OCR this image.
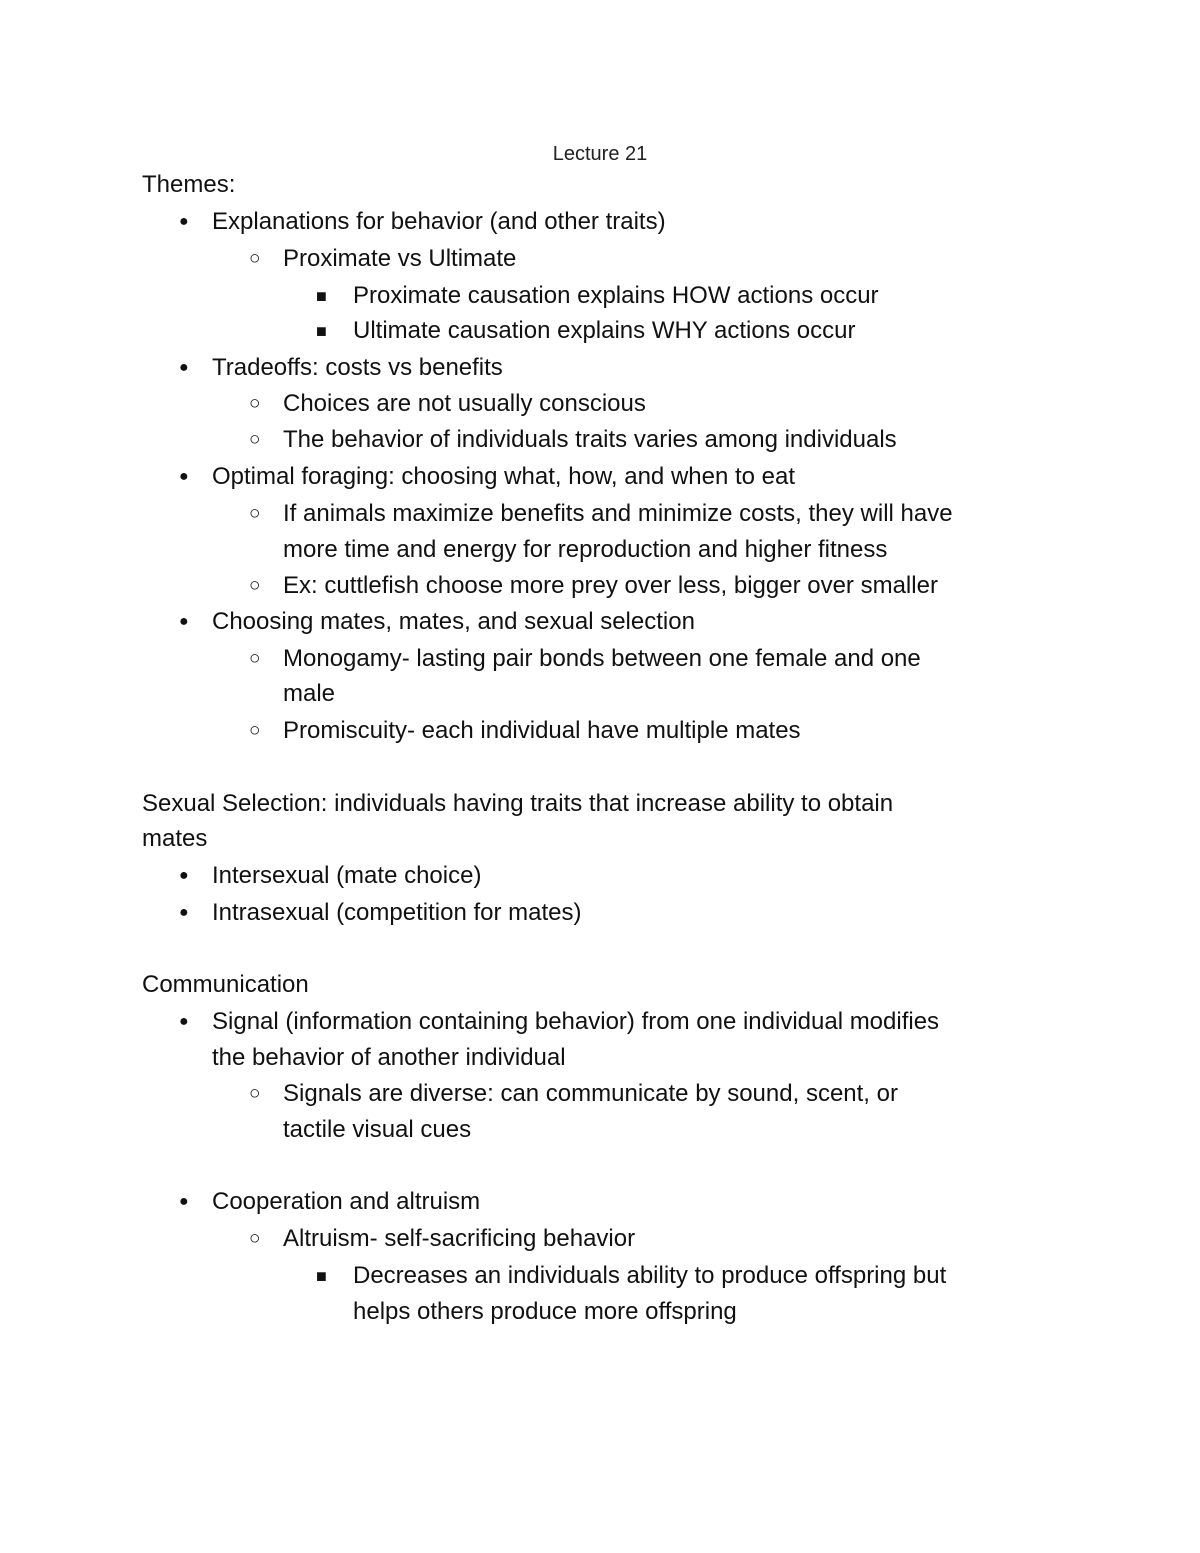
Lecture 21
Themes:
● Explanations for behavior (and other traits)
○ Proximate vs Ultimate
■ Proximate causation explains HOW actions occur
■ Ultimate causation explains WHY actions occur
● Tradeoffs: costs vs benefits
○ Choices are not usually conscious
○ The behavior of individuals traits varies among individuals
● Optimal foraging: choosing what, how, and when to eat
○ If animals maximize benefits and minimize costs, they will have
more time and energy for reproduction and higher fitness
○ Ex: cuttlefish choose more prey over less, bigger over smaller
● Choosing mates, mates, and sexual selection
○ Monogamy- lasting pair bonds between one female and one
male
○ Promiscuity- each individual have multiple mates
Sexual Selection: individuals having traits that increase ability to obtain
mates
● Intersexual (mate choice)
● Intrasexual (competition for mates)
Communication
● Signal (information containing behavior) from one individual modifies
the behavior of another individual
○ Signals are diverse: can communicate by sound, scent, or
tactile visual cues
● Cooperation and altruism
○ Altruism- self-sacrificing behavior
■ Decreases an individuals ability to produce offspring but
helps others produce more offspring
